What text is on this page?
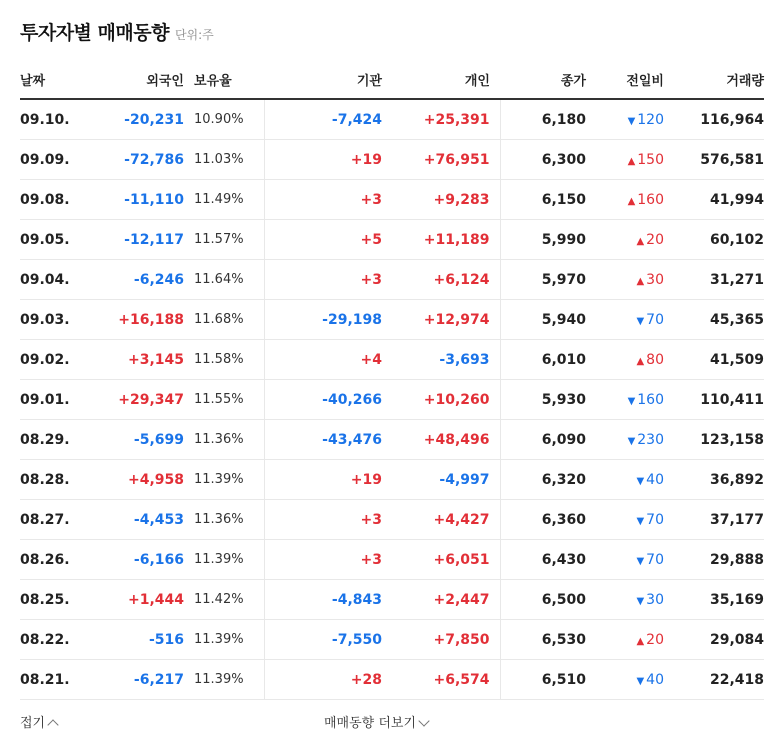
투자자별 매매동향 단위:주
날짜	외국인	보유율	기관	개인	종가	전일비	거래량
09.10.	-20,231	10.90%	-7,424	+25,391	6,180	▼ 120	116,964
09.09.	-72,786	11.03%	+19	+76,951	6,300	▲ 150	576,581
09.08.	-11,110	11.49%	+3	+9,283	6,150	▲ 160	41,994
09.05.	-12,117	11.57%	+5	+11,189	5,990	▲ 20	60,102
09.04.	-6,246	11.64%	+3	+6,124	5,970	▲ 30	31,271
09.03.	+16,188	11.68%	-29,198	+12,974	5,940	▼ 70	45,365
09.02.	+3,145	11.58%	+4	-3,693	6,010	▲ 80	41,509
09.01.	+29,347	11.55%	-40,266	+10,260	5,930	▼ 160	110,411
08.29.	-5,699	11.36%	-43,476	+48,496	6,090	▼ 230	123,158
08.28.	+4,958	11.39%	+19	-4,997	6,320	▼ 40	36,892
08.27.	-4,453	11.36%	+3	+4,427	6,360	▼ 70	37,177
08.26.	-6,166	11.39%	+3	+6,051	6,430	▼ 70	29,888
08.25.	+1,444	11.42%	-4,843	+2,447	6,500	▼ 30	35,169
08.22.	-516	11.39%	-7,550	+7,850	6,530	▲ 20	29,084
08.21.	-6,217	11.39%	+28	+6,574	6,510	▼ 40	22,418
접기	매매동향 더보기
